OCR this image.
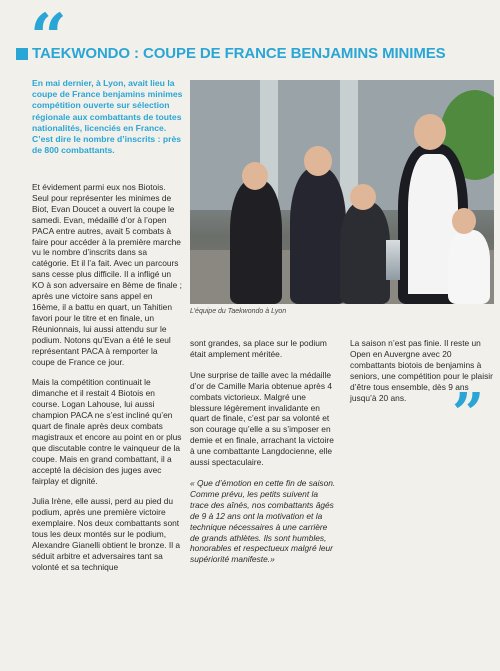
“
TAEKWONDO : COUPE DE FRANCE BENJAMINS MINIMES
En mai dernier, à Lyon, avait lieu la coupe de France benjamins minimes compétition ouverte sur sélection régionale aux combattants de toutes nationalités, licenciés en France. C’est dire le nombre d’inscrits : près de 800 combattants.
L’équipe du Taekwondo à Lyon

Et évidement parmi eux nos Biotois. Seul pour représenter les minimes de Biot, Evan Doucet a ouvert la coupe le samedi. Evan, médaillé d’or à l’open PACA entre autres, avait 5 combats à faire pour accéder à la première marche vu le nombre d’inscrits dans sa catégorie. Et il l’a fait. Avec un parcours sans cesse plus difficile. Il a infligé un KO à son adversaire en 8ème de finale ; après une victoire sans appel en 16ème, il a battu en quart, un Tahitien favori pour le titre et en finale, un Réunionnais, lui aussi attendu sur le podium. Notons qu’Evan a été le seul représentant PACA à remporter la coupe de France ce jour.

Mais la compétition continuait le dimanche et il restait 4 Biotois en course. Logan Lahouse, lui aussi champion PACA ne s’est incliné qu’en quart de finale après deux combats magistraux et encore au point en or plus que discutable contre le vainqueur de la coupe. Mais en grand combattant, il a accepté la décision des juges avec fairplay et dignité.

Julia Irène, elle aussi, perd au pied du podium, après une première victoire exemplaire. Nos deux combattants sont tous les deux montés sur le podium, Alexandre Gianelli obtient le bronze. Il a séduit arbitre et adversaires tant sa volonté et sa technique

sont grandes, sa place sur le podium était amplement méritée.

Une surprise de taille avec la médaille d’or de Camille Maria obtenue après 4 combats victorieux. Malgré une blessure légèrement invalidante en quart de finale, c’est par sa volonté et son courage qu’elle a su s’imposer en demie et en finale, arrachant la victoire à une combattante Langdocienne, elle aussi spectaculaire.

« Que d’émotion en cette fin de saison. Comme prévu, les petits suivent la trace des aînés, nos combattants âgés de 9 à 12 ans ont la motivation et la technique nécessaires à une carrière de grands athlètes. Ils sont humbles, honorables et respectueux malgré leur supériorité manifeste.»

La saison n’est pas finie. Il reste un Open en Auvergne avec 20 combattants biotois de benjamins à seniors, une compétition pour le plaisir d’être tous ensemble, dès 9 ans jusqu’à 20 ans. ”
